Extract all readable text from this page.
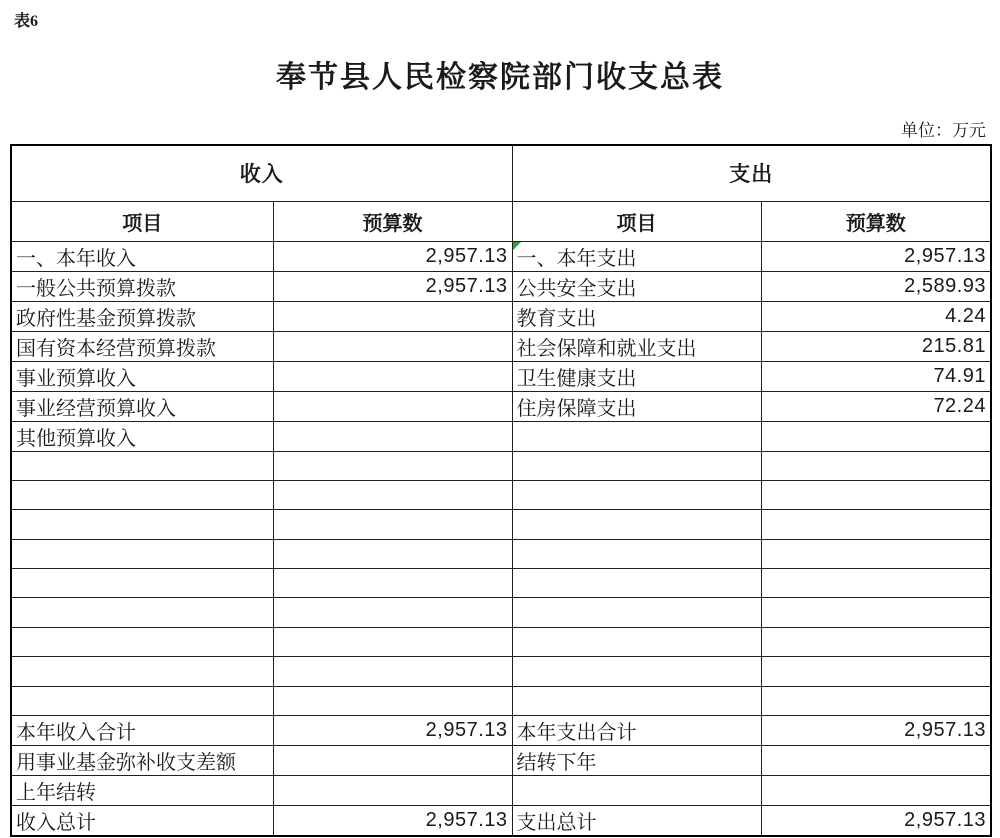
表6
奉节县人民检察院部门收支总表
单位：万元
收入		支出	
项目	预算数	项目	预算数
一、本年收入	2,957.13	一、本年支出	2,957.13
一般公共预算拨款	2,957.13	公共安全支出	2,589.93
政府性基金预算拨款		教育支出	4.24
国有资本经营预算拨款		社会保障和就业支出	215.81
事业预算收入		卫生健康支出	74.91
事业经营预算收入		住房保障支出	72.24
其他预算收入			

本年收入合计	2,957.13	本年支出合计	2,957.13
用事业基金弥补收支差额		结转下年	
上年结转			
收入总计	2,957.13	支出总计	2,957.13
